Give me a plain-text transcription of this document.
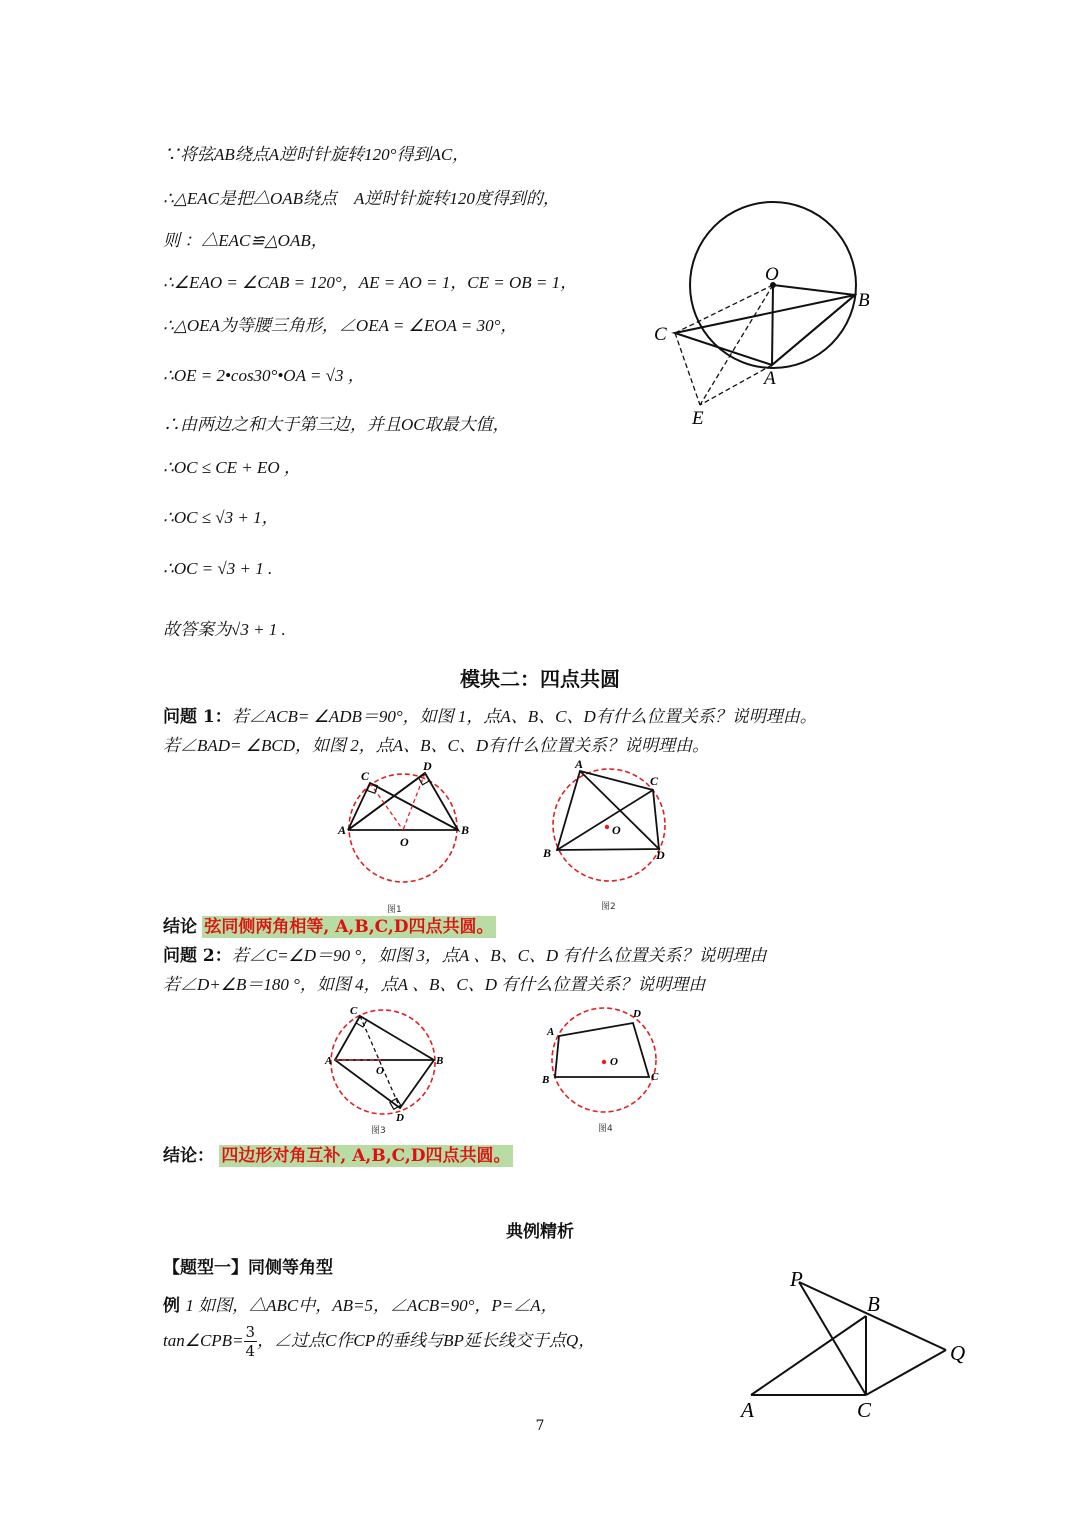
∵将弦AB绕点A逆时针旋转120°得到AC，
∴△EAC是把△OAB绕点　A逆时针旋转120度得到的，
则 ：△EAC≌△OAB，
∴∠EAO = ∠CAB = 120°，AE = AO = 1，CE = OB = 1，
∴△OEA为等腰三角形，∠OEA = ∠EOA = 30°，
∴OE = 2•cos30°•OA = √3 ，
∴由两边之和大于第三边，并且OC取最大值，
∴OC ≤ CE + EO ，
∴OC ≤ √3 + 1，
∴OC = √3 + 1 .
故答案为√3 + 1 .
O
B
C
A
E
模块二：四点共圆
问题 1：若∠ACB= ∠ADB＝90°，如图 1，点A、B、C、D有什么位置关系？说明理由。
若∠BAD= ∠BCD，如图 2，点A、B、C、D有什么位置关系？说明理由。
C
D
A	B
O
图1
A
C
B	D
O
图2
结论 弦同侧两角相等, A,B,C,D四点共圆。
问题 2：若∠C=∠D＝90 °，如图 3，点A 、B、C、D 有什么位置关系？说明理由
若∠D+∠B＝180 °，如图 4，点A 、B、C、D 有什么位置关系？说明理由
C
A	B
O
D
图3
A
D
C
B
O
图4
结论： 四边形对角互补, A,B,C,D四点共圆。
典例精析
【题型一】同侧等角型
例 1 如图，△ABC中，AB=5，∠ACB=90°，P=∠A，
tan∠CPB= $\frac{3}{4}$ ，∠过点C作CP的垂线与BP延长线交于点Q，
P
B
Q
A	C
7
